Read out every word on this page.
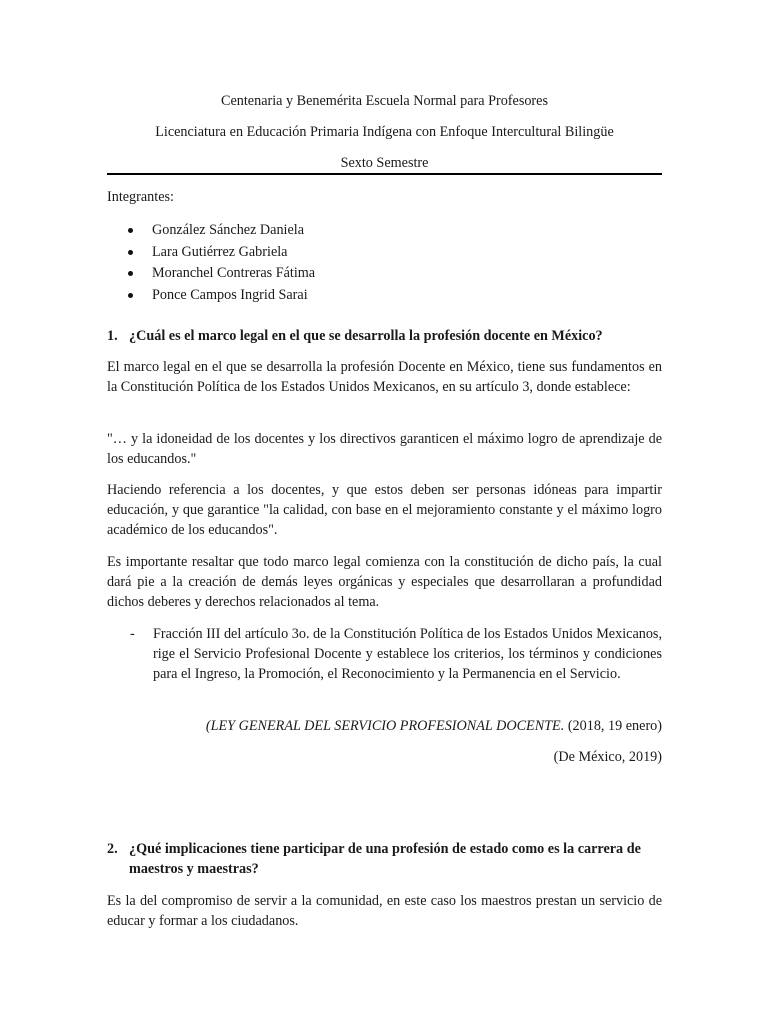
Centenaria y Benemérita Escuela Normal para Profesores
Licenciatura en Educación Primaria Indígena con Enfoque Intercultural Bilingüe
Sexto Semestre
Integrantes:
González Sánchez Daniela
Lara Gutiérrez Gabriela
Moranchel Contreras Fátima
Ponce Campos Ingrid Sarai
1. ¿Cuál es el marco legal en el que se desarrolla la profesión docente en México?
El marco legal en el que se desarrolla la profesión Docente en México, tiene sus fundamentos en la Constitución Política de los Estados Unidos Mexicanos, en su artículo 3, donde establece:
"… y la idoneidad de los docentes y los directivos garanticen el máximo logro de aprendizaje de los educandos."
Haciendo referencia a los docentes, y que estos deben ser personas idóneas para impartir educación, y que garantice "la calidad, con base en el mejoramiento constante y el máximo logro académico de los educandos".
Es importante resaltar que todo marco legal comienza con la constitución de dicho país, la cual dará pie a la creación de demás leyes orgánicas y especiales que desarrollaran a profundidad dichos deberes y derechos relacionados al tema.
- Fracción III del artículo 3o. de la Constitución Política de los Estados Unidos Mexicanos, rige el Servicio Profesional Docente y establece los criterios, los términos y condiciones para el Ingreso, la Promoción, el Reconocimiento y la Permanencia en el Servicio.
(LEY GENERAL DEL SERVICIO PROFESIONAL DOCENTE. (2018, 19 enero)
(De México, 2019)
2. ¿Qué implicaciones tiene participar de una profesión de estado como es la carrera de maestros y maestras?
Es la del compromiso de servir a la comunidad, en este caso los maestros prestan un servicio de educar y formar a los ciudadanos.
